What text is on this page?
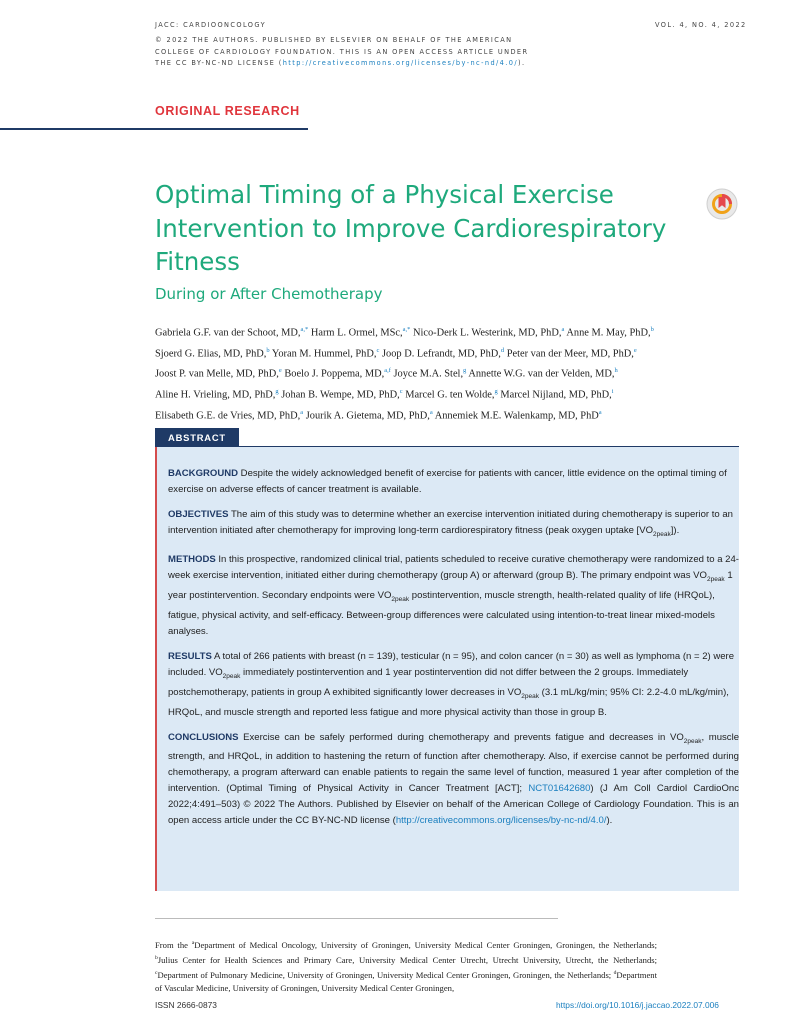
JACC: CARDIOONCOLOGY	VOL. 4, NO. 4, 2022
© 2022 THE AUTHORS. PUBLISHED BY ELSEVIER ON BEHALF OF THE AMERICAN
COLLEGE OF CARDIOLOGY FOUNDATION. THIS IS AN OPEN ACCESS ARTICLE UNDER
THE CC BY-NC-ND LICENSE (http://creativecommons.org/licenses/by-nc-nd/4.0/).
ORIGINAL RESEARCH
Optimal Timing of a Physical Exercise Intervention to Improve Cardiorespiratory Fitness
During or After Chemotherapy
Gabriela G.F. van der Schoot, MD,$^{a,*}$ Harm L. Ormel, MSc,$^{a,*}$ Nico-Derk L. Westerink, MD, PhD,$^a$ Anne M. May, PhD,$^b$
Sjoerd G. Elias, MD, PhD,$^b$ Yoran M. Hummel, PhD,$^c$ Joop D. Lefrandt, MD, PhD,$^d$ Peter van der Meer, MD, PhD,$^e$
Joost P. van Melle, MD, PhD,$^e$ Boelo J. Poppema, MD,$^{a,f}$ Joyce M.A. Stel,$^g$ Annette W.G. van der Velden, MD,$^h$
Aline H. Vrieling, MD, PhD,$^g$ Johan B. Wempe, MD, PhD,$^c$ Marcel G. ten Wolde,$^g$ Marcel Nijland, MD, PhD,$^i$
Elisabeth G.E. de Vries, MD, PhD,$^a$ Jourik A. Gietema, MD, PhD,$^a$ Annemiek M.E. Walenkamp, MD, PhD$^a$
ABSTRACT

BACKGROUND Despite the widely acknowledged benefit of exercise for patients with cancer, little evidence on the optimal timing of exercise on adverse effects of cancer treatment is available.

OBJECTIVES The aim of this study was to determine whether an exercise intervention initiated during chemotherapy is superior to an intervention initiated after chemotherapy for improving long-term cardiorespiratory fitness (peak oxygen uptake $[VO_{2peak}]$).

METHODS In this prospective, randomized clinical trial, patients scheduled to receive curative chemotherapy were randomized to a 24-week exercise intervention, initiated either during chemotherapy (group A) or afterward (group B). The primary endpoint was $VO_{2peak}$ 1 year postintervention. Secondary endpoints were $VO_{2peak}$ postintervention, muscle strength, health-related quality of life (HRQoL), fatigue, physical activity, and self-efficacy. Between-group differences were calculated using intention-to-treat linear mixed-models analyses.

RESULTS A total of 266 patients with breast (n = 139), testicular (n = 95), and colon cancer (n = 30) as well as lymphoma (n = 2) were included. $VO_{2peak}$ immediately postintervention and 1 year postintervention did not differ between the 2 groups. Immediately postchemotherapy, patients in group A exhibited significantly lower decreases in $VO_{2peak}$ (3.1 mL/kg/min; 95% CI: 2.2-4.0 mL/kg/min), HRQoL, and muscle strength and reported less fatigue and more physical activity than those in group B.

CONCLUSIONS Exercise can be safely performed during chemotherapy and prevents fatigue and decreases in $VO_{2peak}$, muscle strength, and HRQoL, in addition to hastening the return of function after chemotherapy. Also, if exercise cannot be performed during chemotherapy, a program afterward can enable patients to regain the same level of function, measured 1 year after completion of the intervention. (Optimal Timing of Physical Activity in Cancer Treatment [ACT]; NCT01642680) (J Am Coll Cardiol CardioOnc 2022;4:491–503) © 2022 The Authors. Published by Elsevier on behalf of the American College of Cardiology Foundation. This is an open access article under the CC BY-NC-ND license (http://creativecommons.org/licenses/by-nc-nd/4.0/).

From the $^a$Department of Medical Oncology, University of Groningen, University Medical Center Groningen, Groningen, the Netherlands; $^b$Julius Center for Health Sciences and Primary Care, University Medical Center Utrecht, Utrecht University, Utrecht, the Netherlands; $^c$Department of Pulmonary Medicine, University of Groningen, University Medical Center Groningen, Groningen, the Netherlands; $^d$Department of Vascular Medicine, University of Groningen, University Medical Center Groningen,
ISSN 2666-0873	https://doi.org/10.1016/j.jaccao.2022.07.006
